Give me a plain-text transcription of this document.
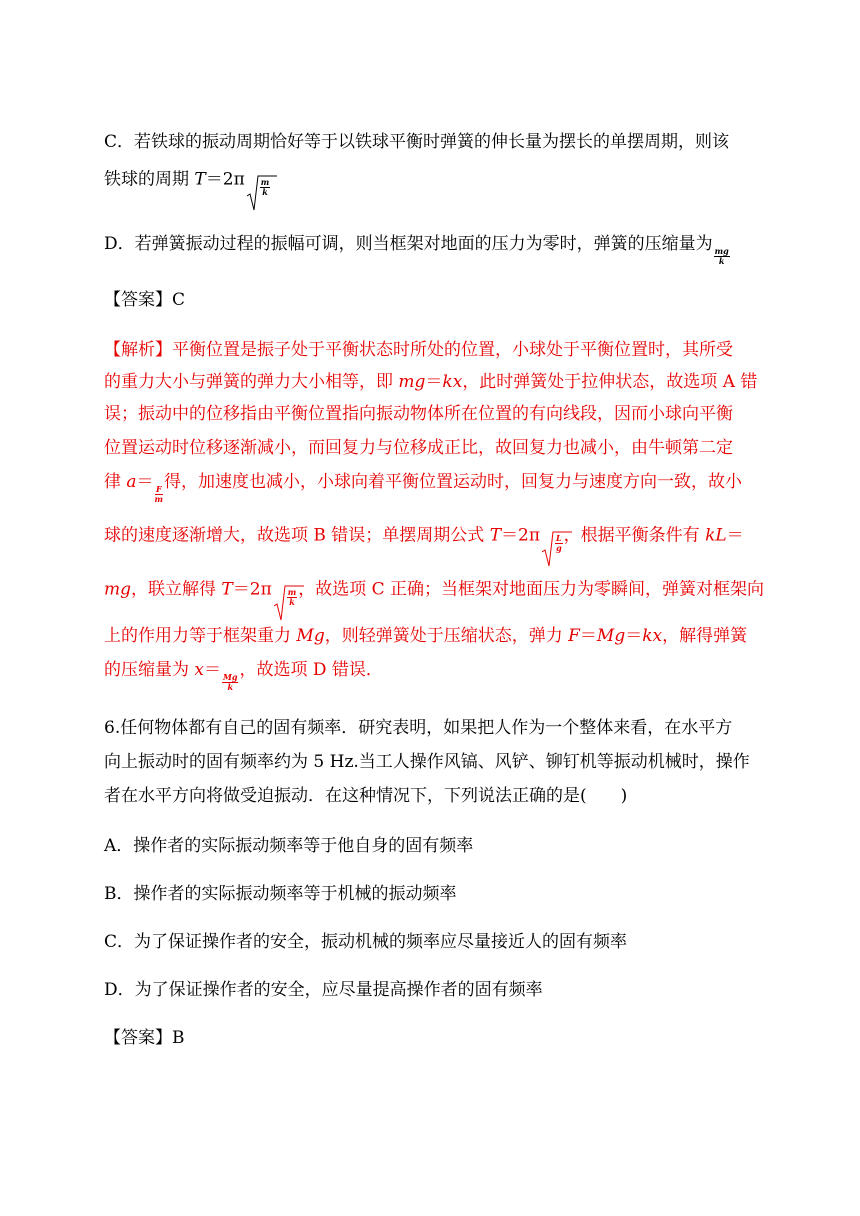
C．若铁球的振动周期恰好等于以铁球平衡时弹簧的伸长量为摆长的单摆周期，则该
铁球的周期 $T=2\pi \frac{m}{k}$
D．若弹簧振动过程的振幅可调，则当框架对地面的压力为零时，弹簧的压缩量为
$\frac{mg}{k}$
【答案】C
【解析】平衡位置是振子处于平衡状态时所处的位置，小球处于平衡位置时，其所受
的重力大小与弹簧的弹力大小相等，即 mg＝kx，此时弹簧处于拉伸状态，故选项 A 错
误；振动中的位移指由平衡位置指向振动物体所在位置的有向线段，因而小球向平衡
位置运动时位移逐渐减小，而回复力与位移成正比，故回复力也减小，由牛顿第二定
律 a＝
$\frac{F}{m}$
得，加速度也减小，小球向着平衡位置运动时，回复力与速度方向一致，故小
球的速度逐渐增大，故选项 B 错误；单摆周期公式 $T=2\pi \frac{L}{g}$ ，根据平衡条件有 kL＝
mg，联立解得 $T=2\pi \frac{m}{k}$ ，故选项 C 正确；当框架对地面压力为零瞬间，弹簧对框架向
上的作用力等于框架重力 Mg，则轻弹簧处于压缩状态，弹力 F＝Mg＝kx，解得弹簧
的压缩量为 x＝
$\frac{Mg}{k}$
，故选项 D 错误．
6.任何物体都有自己的固有频率．研究表明，如果把人作为一个整体来看，在水平方
向上振动时的固有频率约为 5 Hz.当工人操作风镐、风铲、铆钉机等振动机械时，操作
者在水平方向将做受迫振动．在这种情况下，下列说法正确的是(　　)
A．操作者的实际振动频率等于他自身的固有频率
B．操作者的实际振动频率等于机械的振动频率
C．为了保证操作者的安全，振动机械的频率应尽量接近人的固有频率
D．为了保证操作者的安全，应尽量提高操作者的固有频率
【答案】B
